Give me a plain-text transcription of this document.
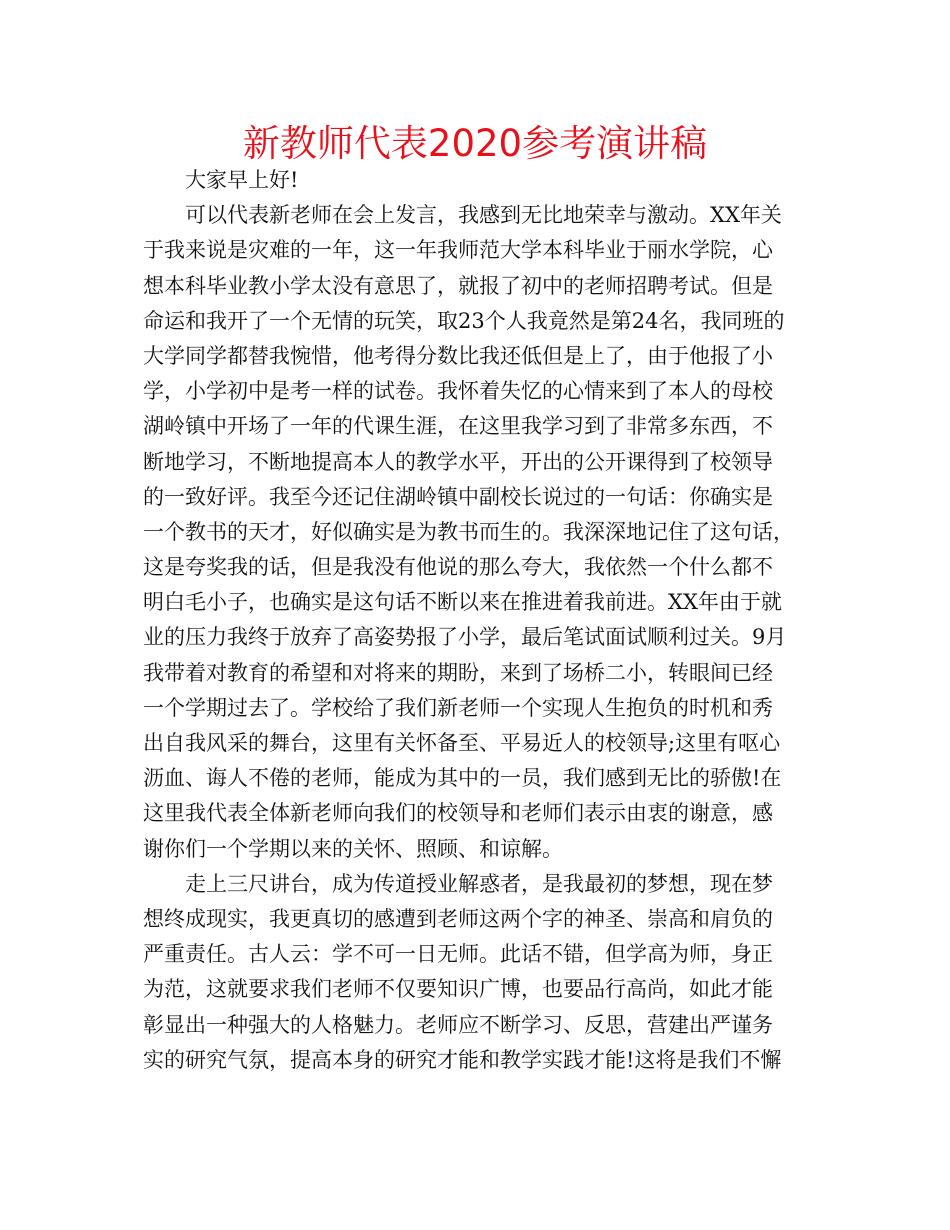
新教师代表2020参考演讲稿
大家早上好!
可以代表新老师在会上发言，我感到无比地荣幸与激动。XX年关
于我来说是灾难的一年，这一年我师范大学本科毕业于丽水学院，心
想本科毕业教小学太没有意思了，就报了初中的老师招聘考试。但是
命运和我开了一个无情的玩笑，取23个人我竟然是第24名，我同班的
大学同学都替我惋惜，他考得分数比我还低但是上了，由于他报了小
学，小学初中是考一样的试卷。我怀着失忆的心情来到了本人的母校
湖岭镇中开场了一年的代课生涯，在这里我学习到了非常多东西，不
断地学习，不断地提高本人的教学水平，开出的公开课得到了校领导
的一致好评。我至今还记住湖岭镇中副校长说过的一句话：你确实是
一个教书的天才，好似确实是为教书而生的。我深深地记住了这句话，
这是夸奖我的话，但是我没有他说的那么夸大，我依然一个什么都不
明白毛小子，也确实是这句话不断以来在推进着我前进。XX年由于就
业的压力我终于放弃了高姿势报了小学，最后笔试面试顺利过关。9月
我带着对教育的希望和对将来的期盼，来到了场桥二小，转眼间已经
一个学期过去了。学校给了我们新老师一个实现人生抱负的时机和秀
出自我风采的舞台，这里有关怀备至、平易近人的校领导;这里有呕心
沥血、诲人不倦的老师，能成为其中的一员，我们感到无比的骄傲!在
这里我代表全体新老师向我们的校领导和老师们表示由衷的谢意，感
谢你们一个学期以来的关怀、照顾、和谅解。
走上三尺讲台，成为传道授业解惑者，是我最初的梦想，现在梦
想终成现实，我更真切的感遭到老师这两个字的神圣、崇高和肩负的
严重责任。古人云：学不可一日无师。此话不错，但学高为师，身正
为范，这就要求我们老师不仅要知识广博，也要品行高尚，如此才能
彰显出一种强大的人格魅力。老师应不断学习、反思，营建出严谨务
实的研究气氛，提高本身的研究才能和教学实践才能!这将是我们不懈
